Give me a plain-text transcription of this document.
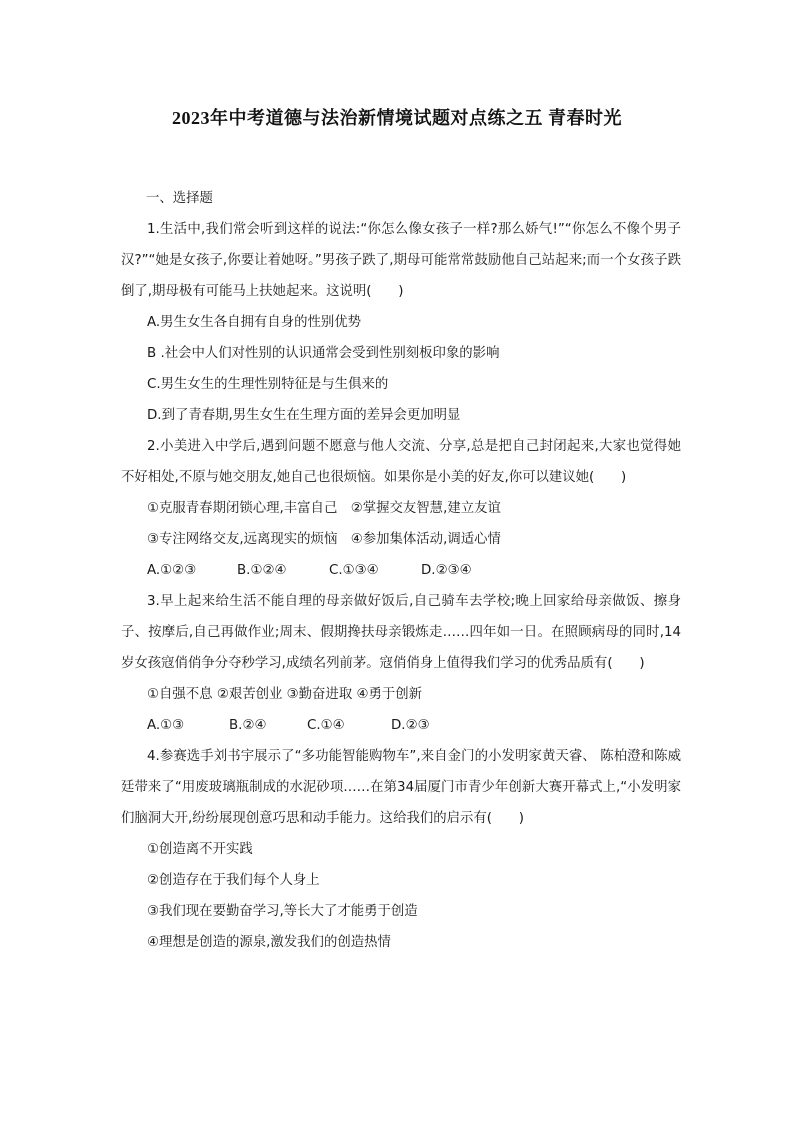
2023年中考道德与法治新情境试题对点练之五 青春时光
一、选择题
1.生活中,我们常会听到这样的说法:“你怎么像女孩子一样?那么娇气!”“你怎么不像个男子汉?”“她是女孩子,你要让着她呀。”男孩子跌了,期母可能常常鼓励他自己站起来;而一个女孩子跌倒了,期母极有可能马上扶她起来。这说明(　　)
A.男生女生各自拥有自身的性别优势
B .社会中人们对性别的认识通常会受到性别刻板印象的影响
C.男生女生的生理性别特征是与生俱来的
D.到了青春期,男生女生在生理方面的差异会更加明显
2.小美进入中学后,遇到问题不愿意与他人交流、分享,总是把自己封闭起来,大家也觉得她不好相处,不原与她交朋友,她自己也很烦恼。如果你是小美的好友,你可以建议她(　　)
①克服青春期闭锁心理,丰富自己　②掌握交友智慧,建立友谊
③专注网络交友,远离现实的烦恼　④参加集体活动,调适心情
A.①②③	B.①②④	C.①③④	D.②③④
3.早上起来给生活不能自理的母亲做好饭后,自己骑车去学校;晚上回家给母亲做饭、擦身子、按摩后,自己再做作业;周末、假期搀扶母亲锻炼走……四年如一日。在照顾病母的同时,14岁女孩寇俏俏争分夺秒学习,成绩名列前茅。寇俏俏身上值得我们学习的优秀品质有(　　)
①自强不息 ②艰苦创业 ③勤奋进取 ④勇于创新
A.①③	B.②④	C.①④	D.②③
4.参赛选手刘书宇展示了“多功能智能购物车”,来自金门的小发明家黄天睿、 陈柏澄和陈威廷带来了“用废玻璃瓶制成的水泥砂项……在第34届厦门市青少年创新大赛开幕式上,“小发明家们脑洞大开,纷纷展现创意巧思和动手能力。这给我们的启示有(　　)
①创造离不开实践
②创造存在于我们每个人身上
③我们现在要勤奋学习,等长大了才能勇于创造
④理想是创造的源泉,激发我们的创造热情
